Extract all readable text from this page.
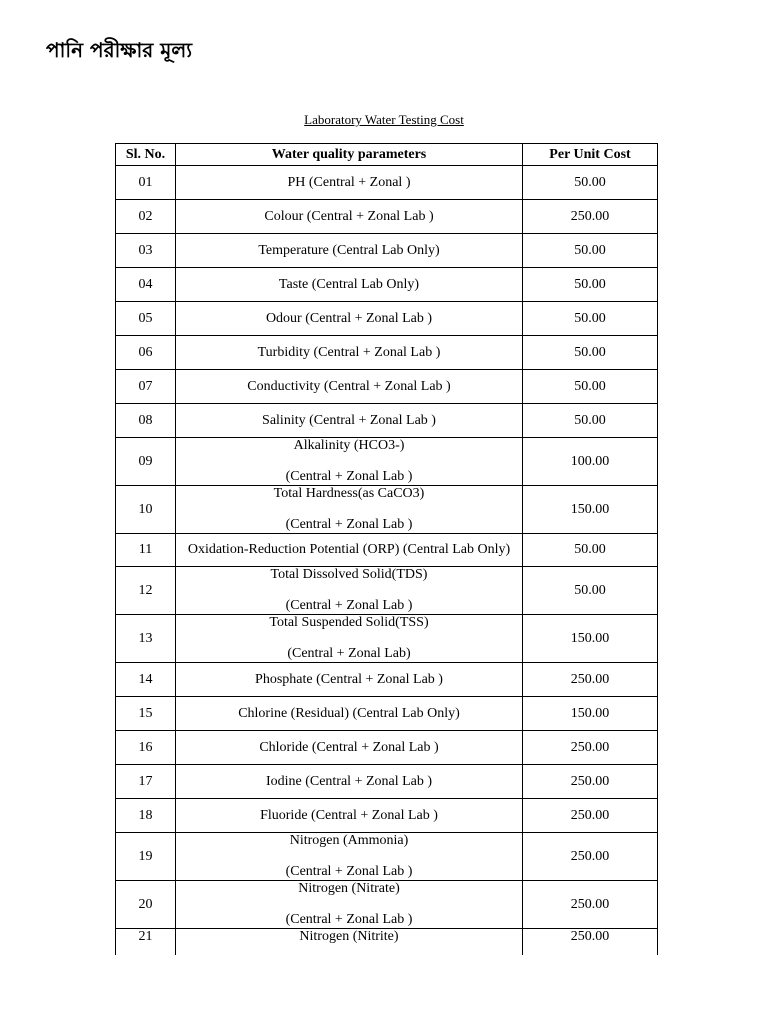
পানি পরীক্ষার মূল্য
Laboratory Water Testing Cost
Sl. No.	Water quality parameters	Per Unit Cost
01	PH (Central + Zonal )	50.00
02	Colour (Central + Zonal Lab )	250.00
03	Temperature (Central Lab Only)	50.00
04	Taste (Central Lab Only)	50.00
05	Odour (Central + Zonal Lab )	50.00
06	Turbidity (Central + Zonal Lab )	50.00
07	Conductivity (Central + Zonal Lab )	50.00
08	Salinity (Central + Zonal Lab )	50.00
09	Alkalinity (HCO3-)
(Central + Zonal Lab )	100.00
10	Total Hardness(as CaCO3)
(Central + Zonal Lab )	150.00
11	Oxidation-Reduction Potential (ORP) (Central Lab Only)	50.00
12	Total Dissolved Solid(TDS)
(Central + Zonal Lab )	50.00
13	Total Suspended Solid(TSS)
(Central + Zonal Lab)	150.00
14	Phosphate (Central + Zonal Lab )	250.00
15	Chlorine (Residual) (Central Lab Only)	150.00
16	Chloride (Central + Zonal Lab )	250.00
17	Iodine (Central + Zonal Lab )	250.00
18	Fluoride (Central + Zonal Lab )	250.00
19	Nitrogen (Ammonia)
(Central + Zonal Lab )	250.00
20	Nitrogen (Nitrate)
(Central + Zonal Lab )	250.00
21	Nitrogen (Nitrite)	250.00
